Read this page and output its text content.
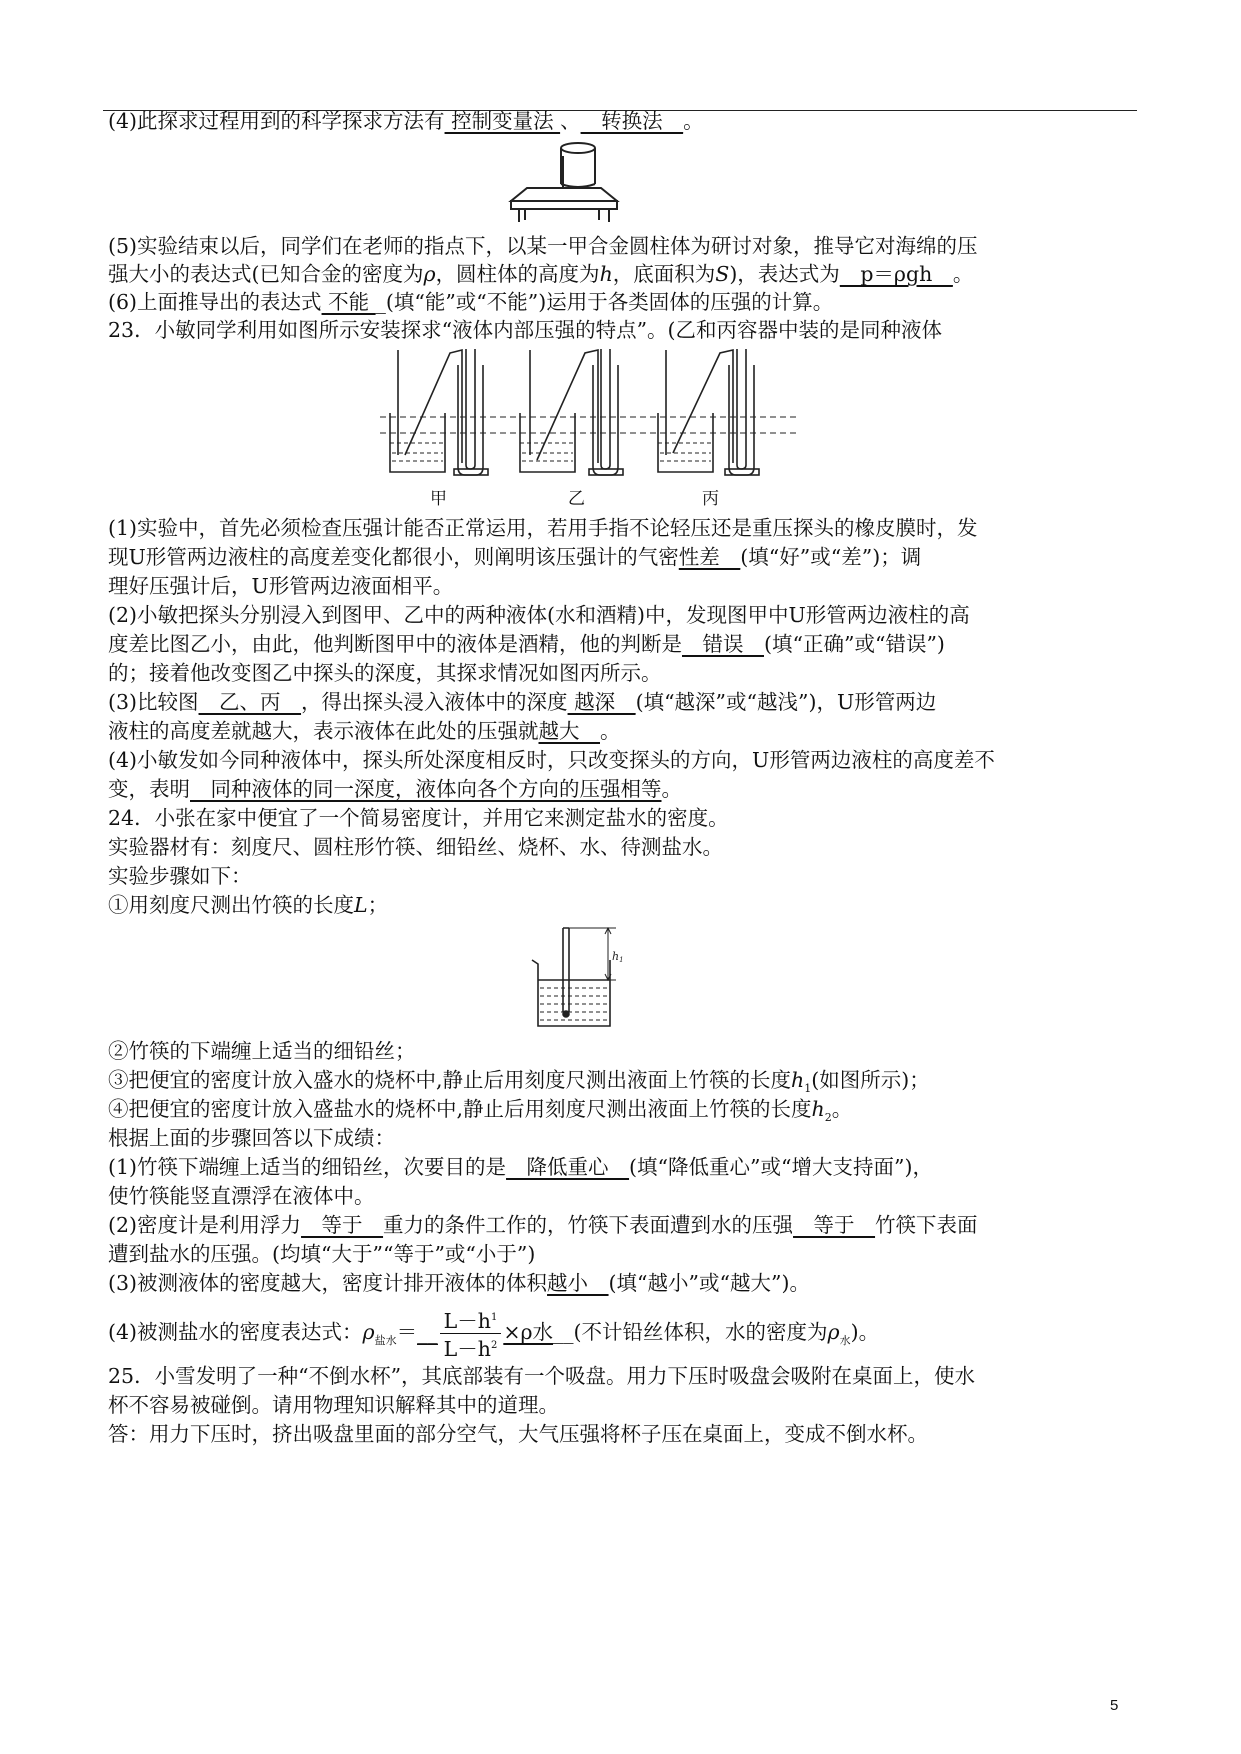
(4)此探求过程用到的科学探求方法有 控制变量法 、__转换法__。
(5)实验结束以后，同学们在老师的指点下，以某一甲合金圆柱体为研讨对象，推导它对海绵的压
强大小的表达式(已知合金的密度为ρ，圆柱体的高度为h，底面积为S)，表达式为__p＝ρgh__。
(6)上面推导出的表达式 不能 _(填“能”或“不能”)运用于各类固体的压强的计算。
23．小敏同学利用如图所示安装探求“液体内部压强的特点”。(乙和丙容器中装的是同种液体
甲	乙	丙
(1)实验中，首先必须检查压强计能否正常运用，若用手指不论轻压还是重压探头的橡皮膜时，发
现U形管两边液柱的高度差变化都很小，则阐明该压强计的气密性差__(填“好”或“差”)；调
理好压强计后，U形管两边液面相平。
(2)小敏把探头分别浸入到图甲、乙中的两种液体(水和酒精)中，发现图甲中U形管两边液柱的高
度差比图乙小，由此，他判断图甲中的液体是酒精，他的判断是__错误__(填“正确”或“错误”)
的；接着他改变图乙中探头的深度，其探求情况如图丙所示。
(3)比较图__乙、丙__，得出探头浸入液体中的深度 越深__(填“越深”或“越浅”)，U形管两边
液柱的高度差就越大，表示液体在此处的压强就越大__。
(4)小敏发如今同种液体中，探头所处深度相反时，只改变探头的方向，U形管两边液柱的高度差不
变，表明__同种液体的同一深度，液体向各个方向的压强相等。
24．小张在家中便宜了一个简易密度计，并用它来测定盐水的密度。
实验器材有：刻度尺、圆柱形竹筷、细铅丝、烧杯、水、待测盐水。
实验步骤如下：
①用刻度尺测出竹筷的长度L；
h1
②竹筷的下端缠上适当的细铅丝；
③把便宜的密度计放入盛水的烧杯中,静止后用刻度尺测出液面上竹筷的长度$h_1$(如图所示)；
④把便宜的密度计放入盛盐水的烧杯中,静止后用刻度尺测出液面上竹筷的长度$h_2$。
根据上面的步骤回答以下成绩：
(1)竹筷下端缠上适当的细铅丝，次要目的是__降低重心__(填“降低重心”或“增大支持面”)，
使竹筷能竖直漂浮在液体中。
(2)密度计是利用浮力__等于__重力的条件工作的，竹筷下表面遭到水的压强__等于__竹筷下表面
遭到盐水的压强。(均填“大于”“等于”或“小于”)
(3)被测液体的密度越大，密度计排开液体的体积越小__(填“越小”或“越大”)。
(4)被测盐水的密度表达式：$\rho_{盐水}=\_\_ \frac{L-h^1}{L-h^2} \times\rho$水__(不计铅丝体积，水的密度为$\rho_水$)。
25．小雪发明了一种“不倒水杯”，其底部装有一个吸盘。用力下压时吸盘会吸附在桌面上，使水
杯不容易被碰倒。请用物理知识解释其中的道理。
答：用力下压时，挤出吸盘里面的部分空气，大气压强将杯子压在桌面上，变成不倒水杯。
5
